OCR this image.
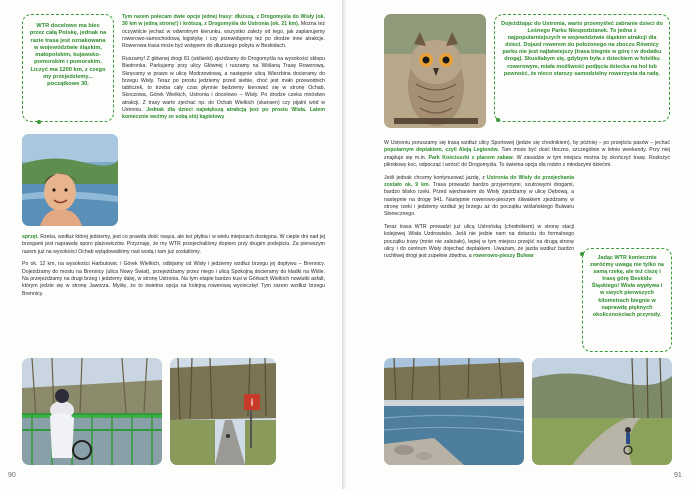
WTR docelowo ma biec przez całą Polskę, jednak na razie trasa jest oznakowana w województwie śląskim, małopolskim, kujawsko-pomorskim i pomorskim. Liczyć ma 1200 km, z czego my przejedziemy... początkowe 30.

Tym razem polecam dwie opcje jednej trasy: dłuższą, z Drogomyśla do Wisły (ok. 30 km w jedną stronę!) i krótszą, z Drogomyśla do Ustronia (ok. 21 km). Można też oczywiście jechać w odwrotnym kierunku, wszystko zależy od tego, jak zaplanujemy rowerowo-samochodową logistykę i czy przewidujemy też po drodze inne atrakcje. Rowerowa trasa może być wstępem do dłuższego pobytu w Beskidach.

Ruszamy! Z głównej drogi 81 (wiślanki) zjeżdżamy do Drogomyśla na wysokości sklepu Biedronka. Parkujemy przy ulicy Głównej i ruszamy na Wiślaną Trasę Rowerową. Skręcamy w prawo w ulicę Modrzewiową, a następnie ulicą Wierzbina docieramy do brzegu Wisły. Teraz po prostu jedziemy przed siebie, choć jest mało przewodnich tabliczek, to trzeba cały czas płynnie będziemy kierować się w stronę Ochab, Skoczowa, Górek Wielkich, Ustronia i docelowo – Wisły. Po drodze czeka mnóstwo atrakcji. Z trasy warto zjechać np. do Ochab Wielkich (skansen) czy pijalni wód w Ustroniu. Jednak dla dzieci największą atrakcją jest po prostu Wisła. Latem koniecznie weźmy ze sobą stój kąpielowy

sprzęt. Rzeka, wzdłuż której jedziemy, jest co prawda dość rwąca, ale też płytka i w wielu miejscach dostępna. W cieple dni nad jej brzegami jest naprawdę sporo plażowiczów. Przyznaję, że my WTR przejechaliśmy dopiero przy drugim podejściu. Za pierwszym razem już na wysokości Ochab wylądowaliśmy nad wodą i tam już zostaliśmy.

Po ok. 12 km, na wysokości Harbutowic / Górek Wielkich, odbijamy od Wisły i jedziemy wzdłuż brzegu jej dopływu – Brennicy. Dojeżdżamy do mostu na Brennicy (ulica Nowy Świat), przejeżdżamy przez niego i ulicą Spokojną docieramy do kładki na Wiśle. Na przejeżdżamy na drugi brzeg i jedziemy dalej, w stronę Ustronia. Na tym etapie bardzo kusi w Górkach Wielkich nowiutki asfalt, którym jedzie się w stronę Jaworza. Myślę, że to świetna opcja na kolejną rowerową wycieczkę! Tym razem wzdłuż brzegu Brennicy.

ł
90
Dojeżdżając do Ustronia, warto przemyśleć zabranie dzieci do Leśnego Parku Niespodzianek. To jedna z najpopularniejszych w województwie śląskim atrakcji dla dzieci. Dojazd rowerem do położonego na zboczu Równicy parku nie jest najłatwiejszy (trasa biegnie w górę i w dodatku drogą). Skusiłabym się, gdybym była z dzieckiem w foteliku rowerowym, miała możliwość podjęcia dziecka na hol lub pewność, że nieco starszy samodzielny rowerzysta da radę.

W Ustroniu poruszamy się trasą wzdłuż ulicy Sportowej (jedzie się chodnikiem), by później – po przejściu pasów – jechać popularnym deptakiem, czyli Aleją Legionów. Tam może być dość tłoczno, szczególnie w letnie weekendy. Przy niej znajduje się m.in. Park Kościuszki z placem zabaw. W zasadzie w tym miejscu można by skończyć trasę. Rozłożyć piknikowy koc, odpocząć i wrócić do Drogomyśla. To świetna opcja dla rodzin z młodszymi dziećmi.

Jeśli jednak chcemy kontynuować jazdę, z Ustronia do Wisły do przejechania zostało ok. 9 km. Trasa prowadzi bardzo przyjemnymi, szutrowymi drogami, bardzo blisko rzeki. Przed wjechaniem do Wisły zjeżdżamy w ulicę Dębową, a następnie na drogę 941. Następnie rowerowo-pieszym śliwakiem zjeżdżamy w stronę rzeki i jedziemy wzdłuż jej brzegu aż do początku wiślańskiego Bulwaru Słonecznego.

Teraz trasa WTR prowadzi już ulicą Ustrońską (chodnikiem) w stronę stacji kolejowej Wisła Uzdrowisko. Jeśli nie jedzie nam na dotarciu do formalnego początku trasy (mnie nie zależało), lepiej w tym miejscu przejść na drugą stronę ulicy i do centrum Wisły dojechać deptakiem. Uważam, że jazda wzdłuż bardzo ruchliwej drogi jest zupełnie zbędna, a rowerowo-pieszy Bulwar	Jadąc WTR koniecznie zwróćmy uwagę nie tylko na samą rzekę, ale też ciszę i trasę górę Beskidu Śląskiego! Wisła wypływa i w swych pierwszych kilometrach biegnie w naprawdę pięknych okolicznościach przyrody.
91
